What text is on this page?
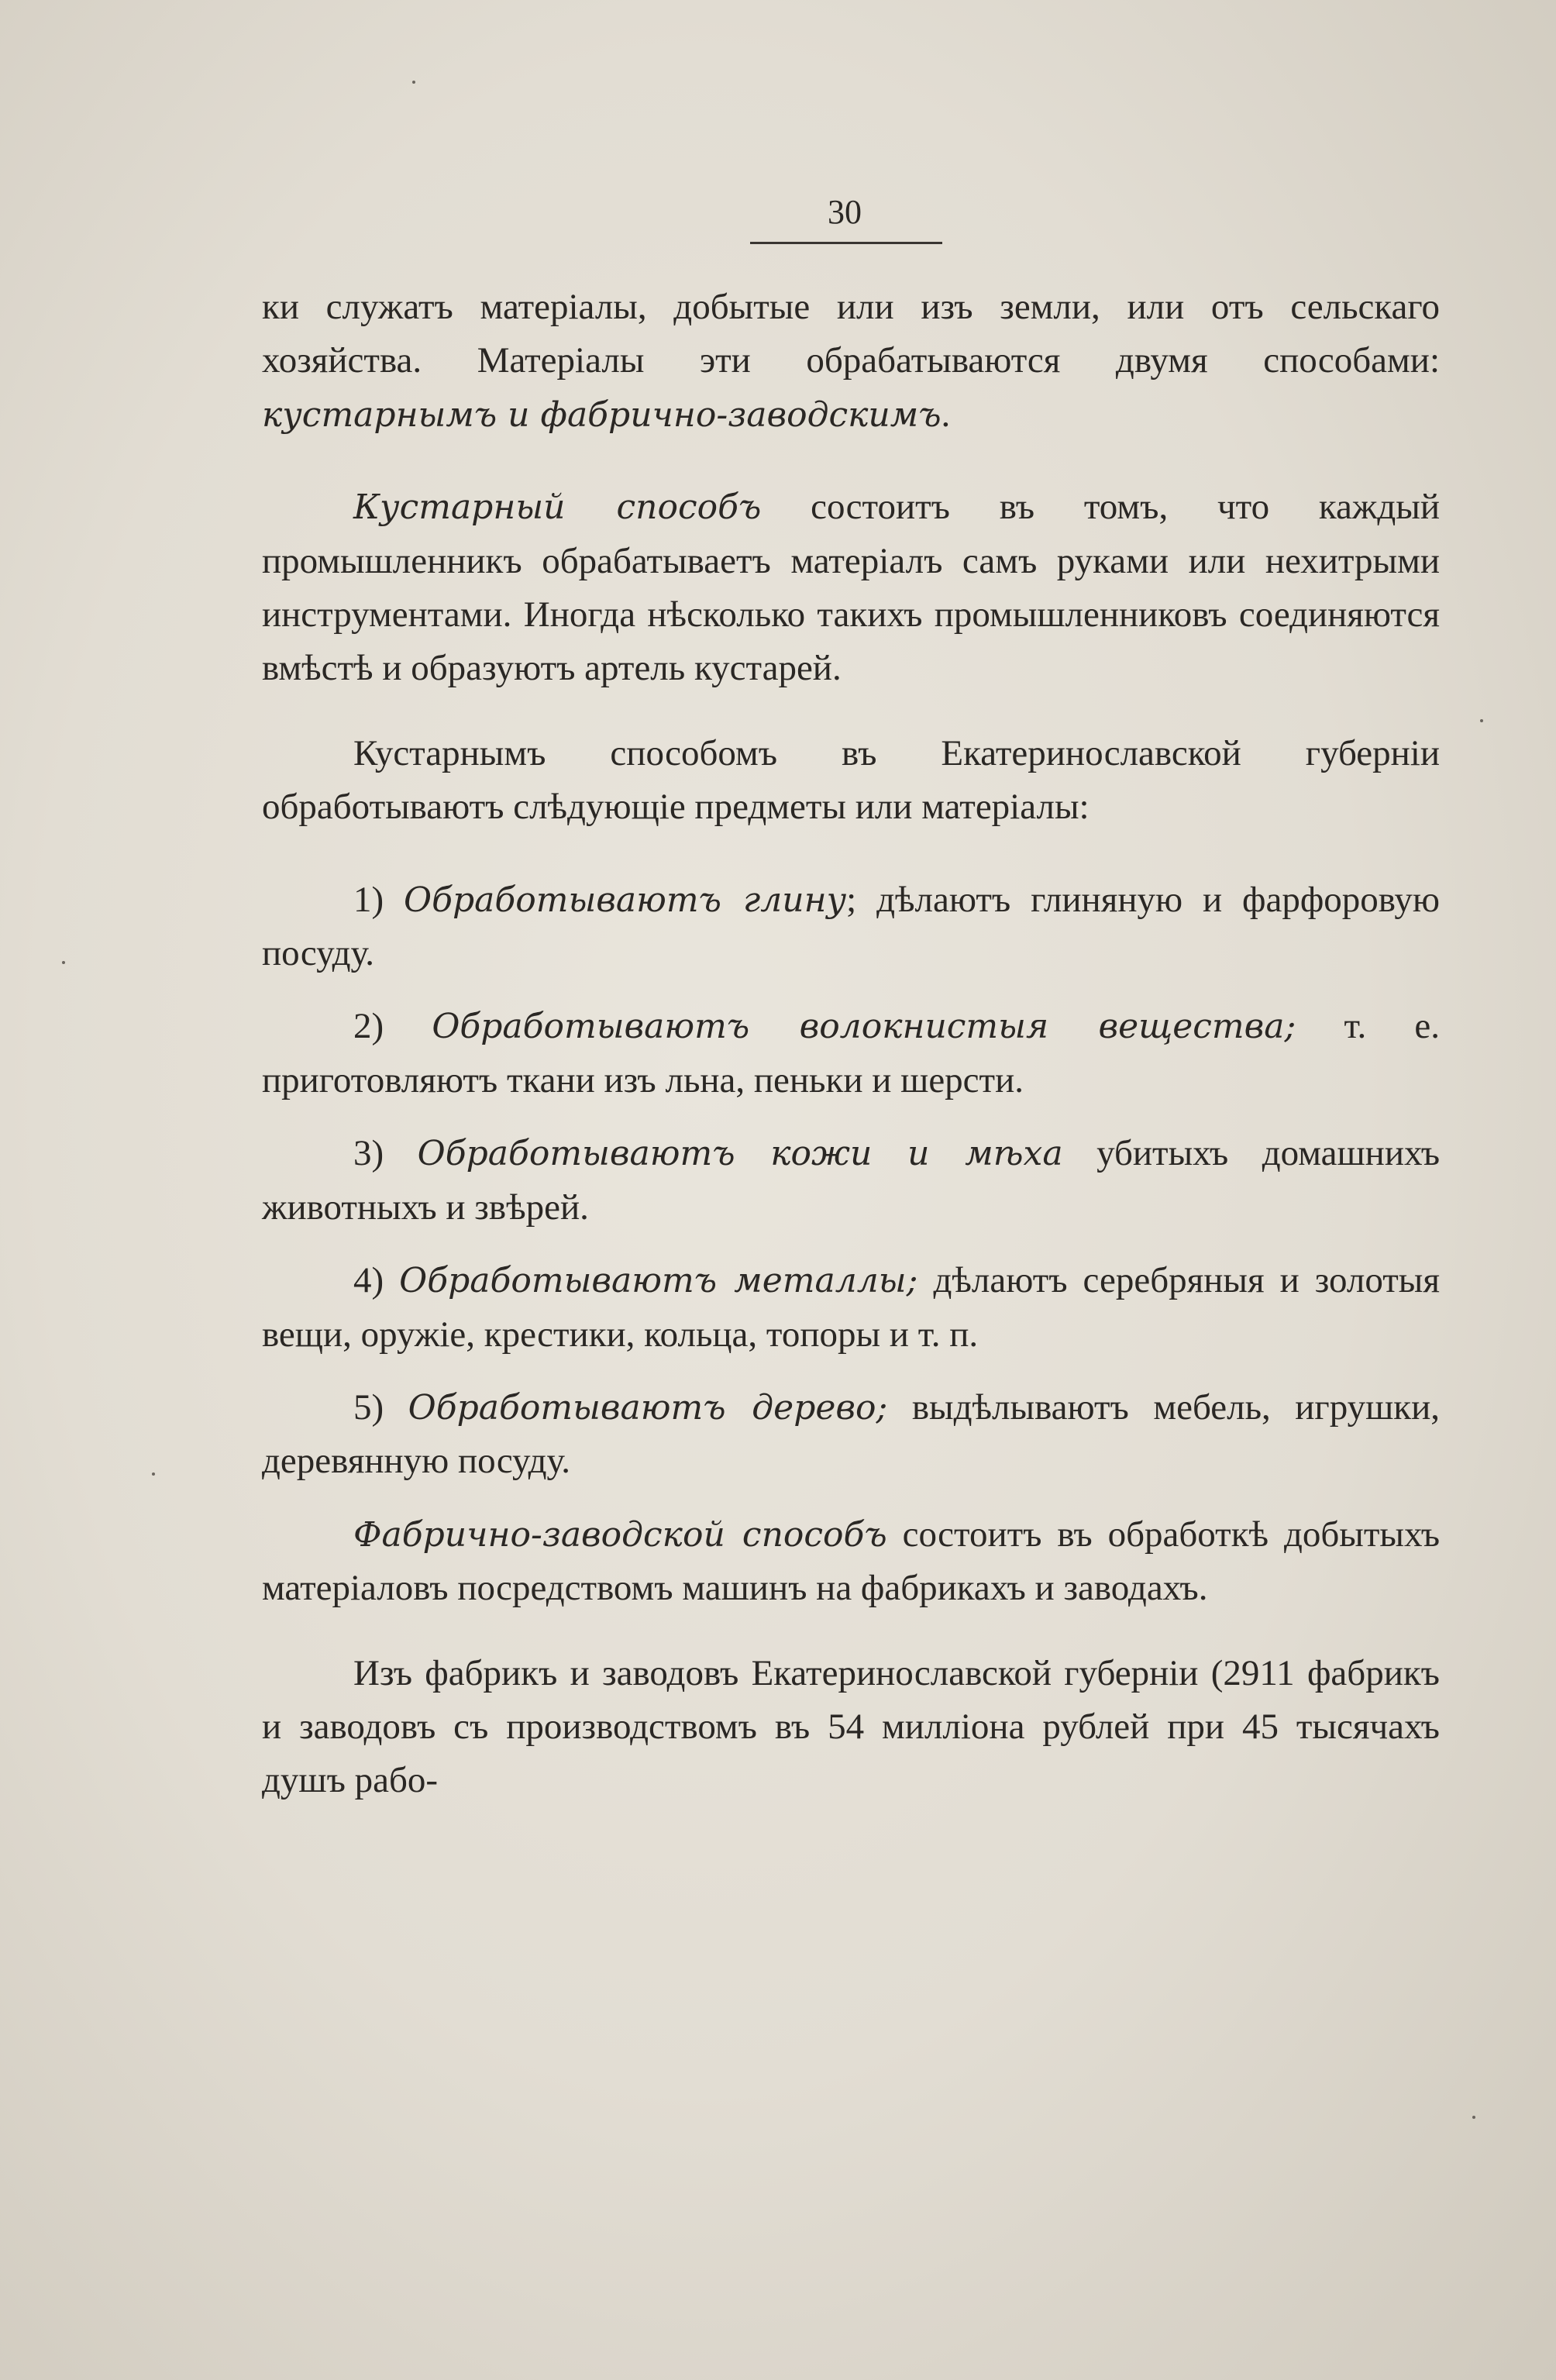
30

ки служатъ матеріалы, добытые или изъ земли, или отъ сельскаго хозяйства. Матеріалы эти обрабатываются двумя способами: кустарнымъ и фабрично-заводскимъ.

Кустарный способъ состоитъ въ томъ, что каждый промышленникъ обрабатываетъ матеріалъ самъ руками или нехитрыми инструментами. Иногда нѣсколько такихъ промышленниковъ соединяются вмѣстѣ и образуютъ артель кустарей.

Кустарнымъ способомъ въ Екатеринославской губерніи обработываютъ слѣдующіе предметы или матеріалы:

1) Обработываютъ глину; дѣлаютъ глиняную и фарфоровую посуду.

2) Обработываютъ волокнистыя вещества; т. е. приготовляютъ ткани изъ льна, пеньки и шерсти.

3) Обработываютъ кожи и мѣха убитыхъ домашнихъ животныхъ и звѣрей.

4) Обработываютъ металлы; дѣлаютъ серебряныя и золотыя вещи, оружіе, крестики, кольца, топоры и т. п.

5) Обработываютъ дерево; выдѣлываютъ мебель, игрушки, деревянную посуду.

Фабрично-заводской способъ состоитъ въ обработкѣ добытыхъ матеріаловъ посредствомъ машинъ на фабрикахъ и заводахъ.

Изъ фабрикъ и заводовъ Екатеринославской губерніи (2911 фабрикъ и заводовъ съ производствомъ въ 54 милліона рублей при 45 тысячахъ душъ рабо-
